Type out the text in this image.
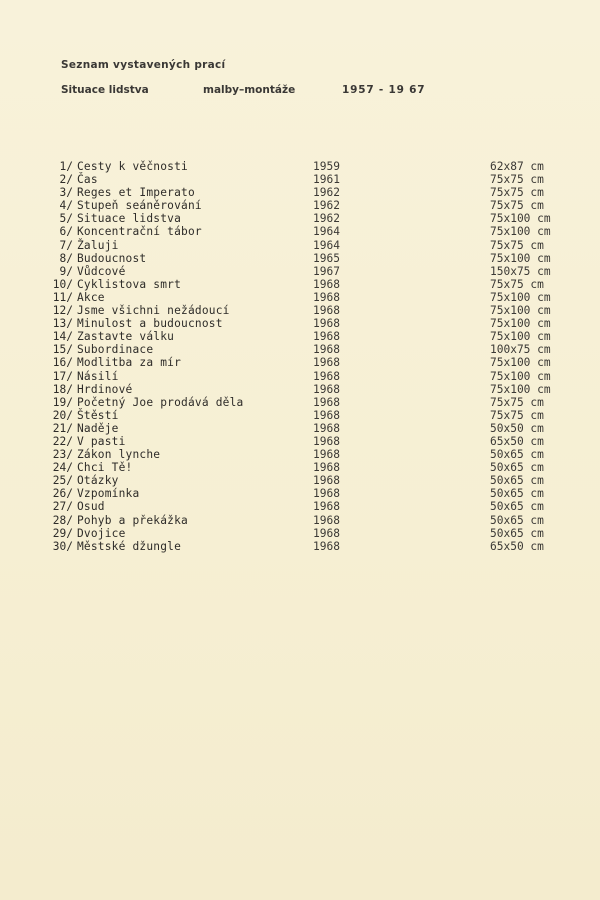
Seznam vystavených prací
Situace lidstva	malby–montáže	1957 - 19 67
1/ Cesty k věčnosti	1959	62x87 cm
2/ Čas	1961	75x75 cm
3/ Reges et Imperato	1962	75x75 cm
4/ Stupeň seáněrování	1962	75x75 cm
5/ Situace lidstva	1962	75x100 cm
6/ Koncentrační tábor	1964	75x100 cm
7/ Žaluji	1964	75x75 cm
8/ Budoucnost	1965	75x100 cm
9/ Vůdcové	1967	150x75 cm
10/ Cyklistova smrt	1968	75x75 cm
11/ Akce	1968	75x100 cm
12/ Jsme všichni nežádoucí	1968	75x100 cm
13/ Minulost a budoucnost	1968	75x100 cm
14/ Zastavte válku	1968	75x100 cm
15/ Subordinace	1968	100x75 cm
16/ Modlitba za mír	1968	75x100 cm
17/ Násilí	1968	75x100 cm
18/ Hrdinové	1968	75x100 cm
19/ Početný Joe prodává děla	1968	75x75 cm
20/ Štěstí	1968	75x75 cm
21/ Naděje	1968	50x50 cm
22/ V pasti	1968	65x50 cm
23/ Zákon lynche	1968	50x65 cm
24/ Chci Tě!	1968	50x65 cm
25/ Otázky	1968	50x65 cm
26/ Vzpomínka	1968	50x65 cm
27/ Osud	1968	50x65 cm
28/ Pohyb a překážka	1968	50x65 cm
29/ Dvojice	1968	50x65 cm
30/ Městské džungle	1968	65x50 cm
